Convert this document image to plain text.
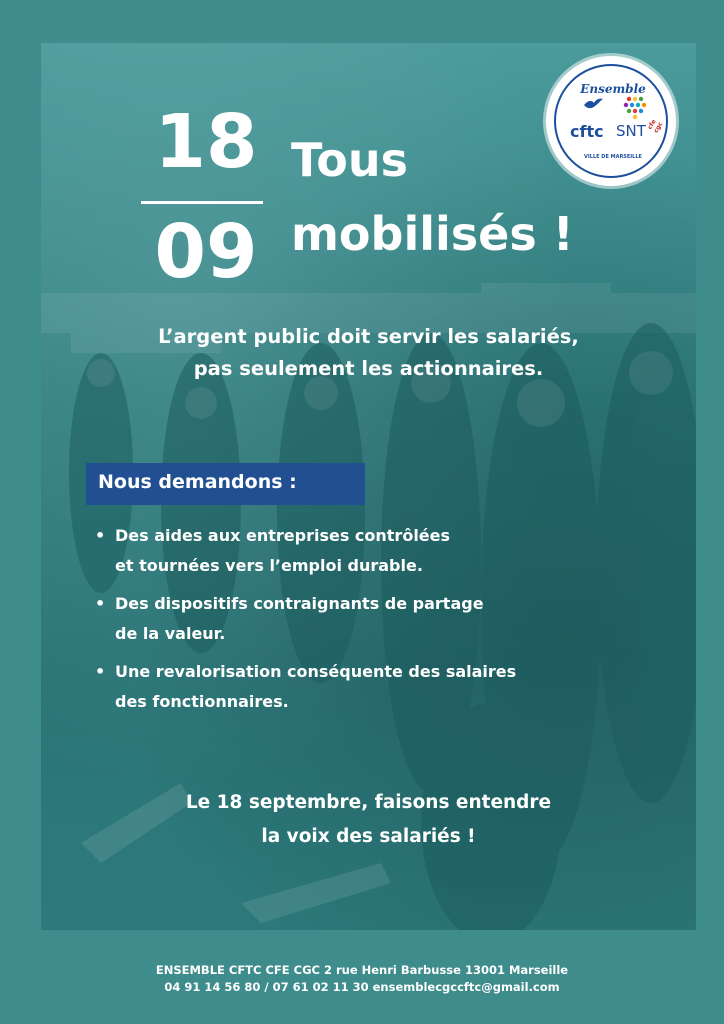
Ensemble
cftc SNT cfe cgc
VILLE DE MARSEILLE
18
09
Tous
mobilisés !
L’argent public doit servir les salariés,
pas seulement les actionnaires.
Nous demandons :
• Des aides aux entreprises contrôlées
et tournées vers l’emploi durable.
• Des dispositifs contraignants de partage
de la valeur.
• Une revalorisation conséquente des salaires
des fonctionnaires.
Le 18 septembre, faisons entendre
la voix des salariés !
ENSEMBLE CFTC CFE CGC 2 rue Henri Barbusse 13001 Marseille
04 91 14 56 80 / 07 61 02 11 30 ensemblecgccftc@gmail.com
